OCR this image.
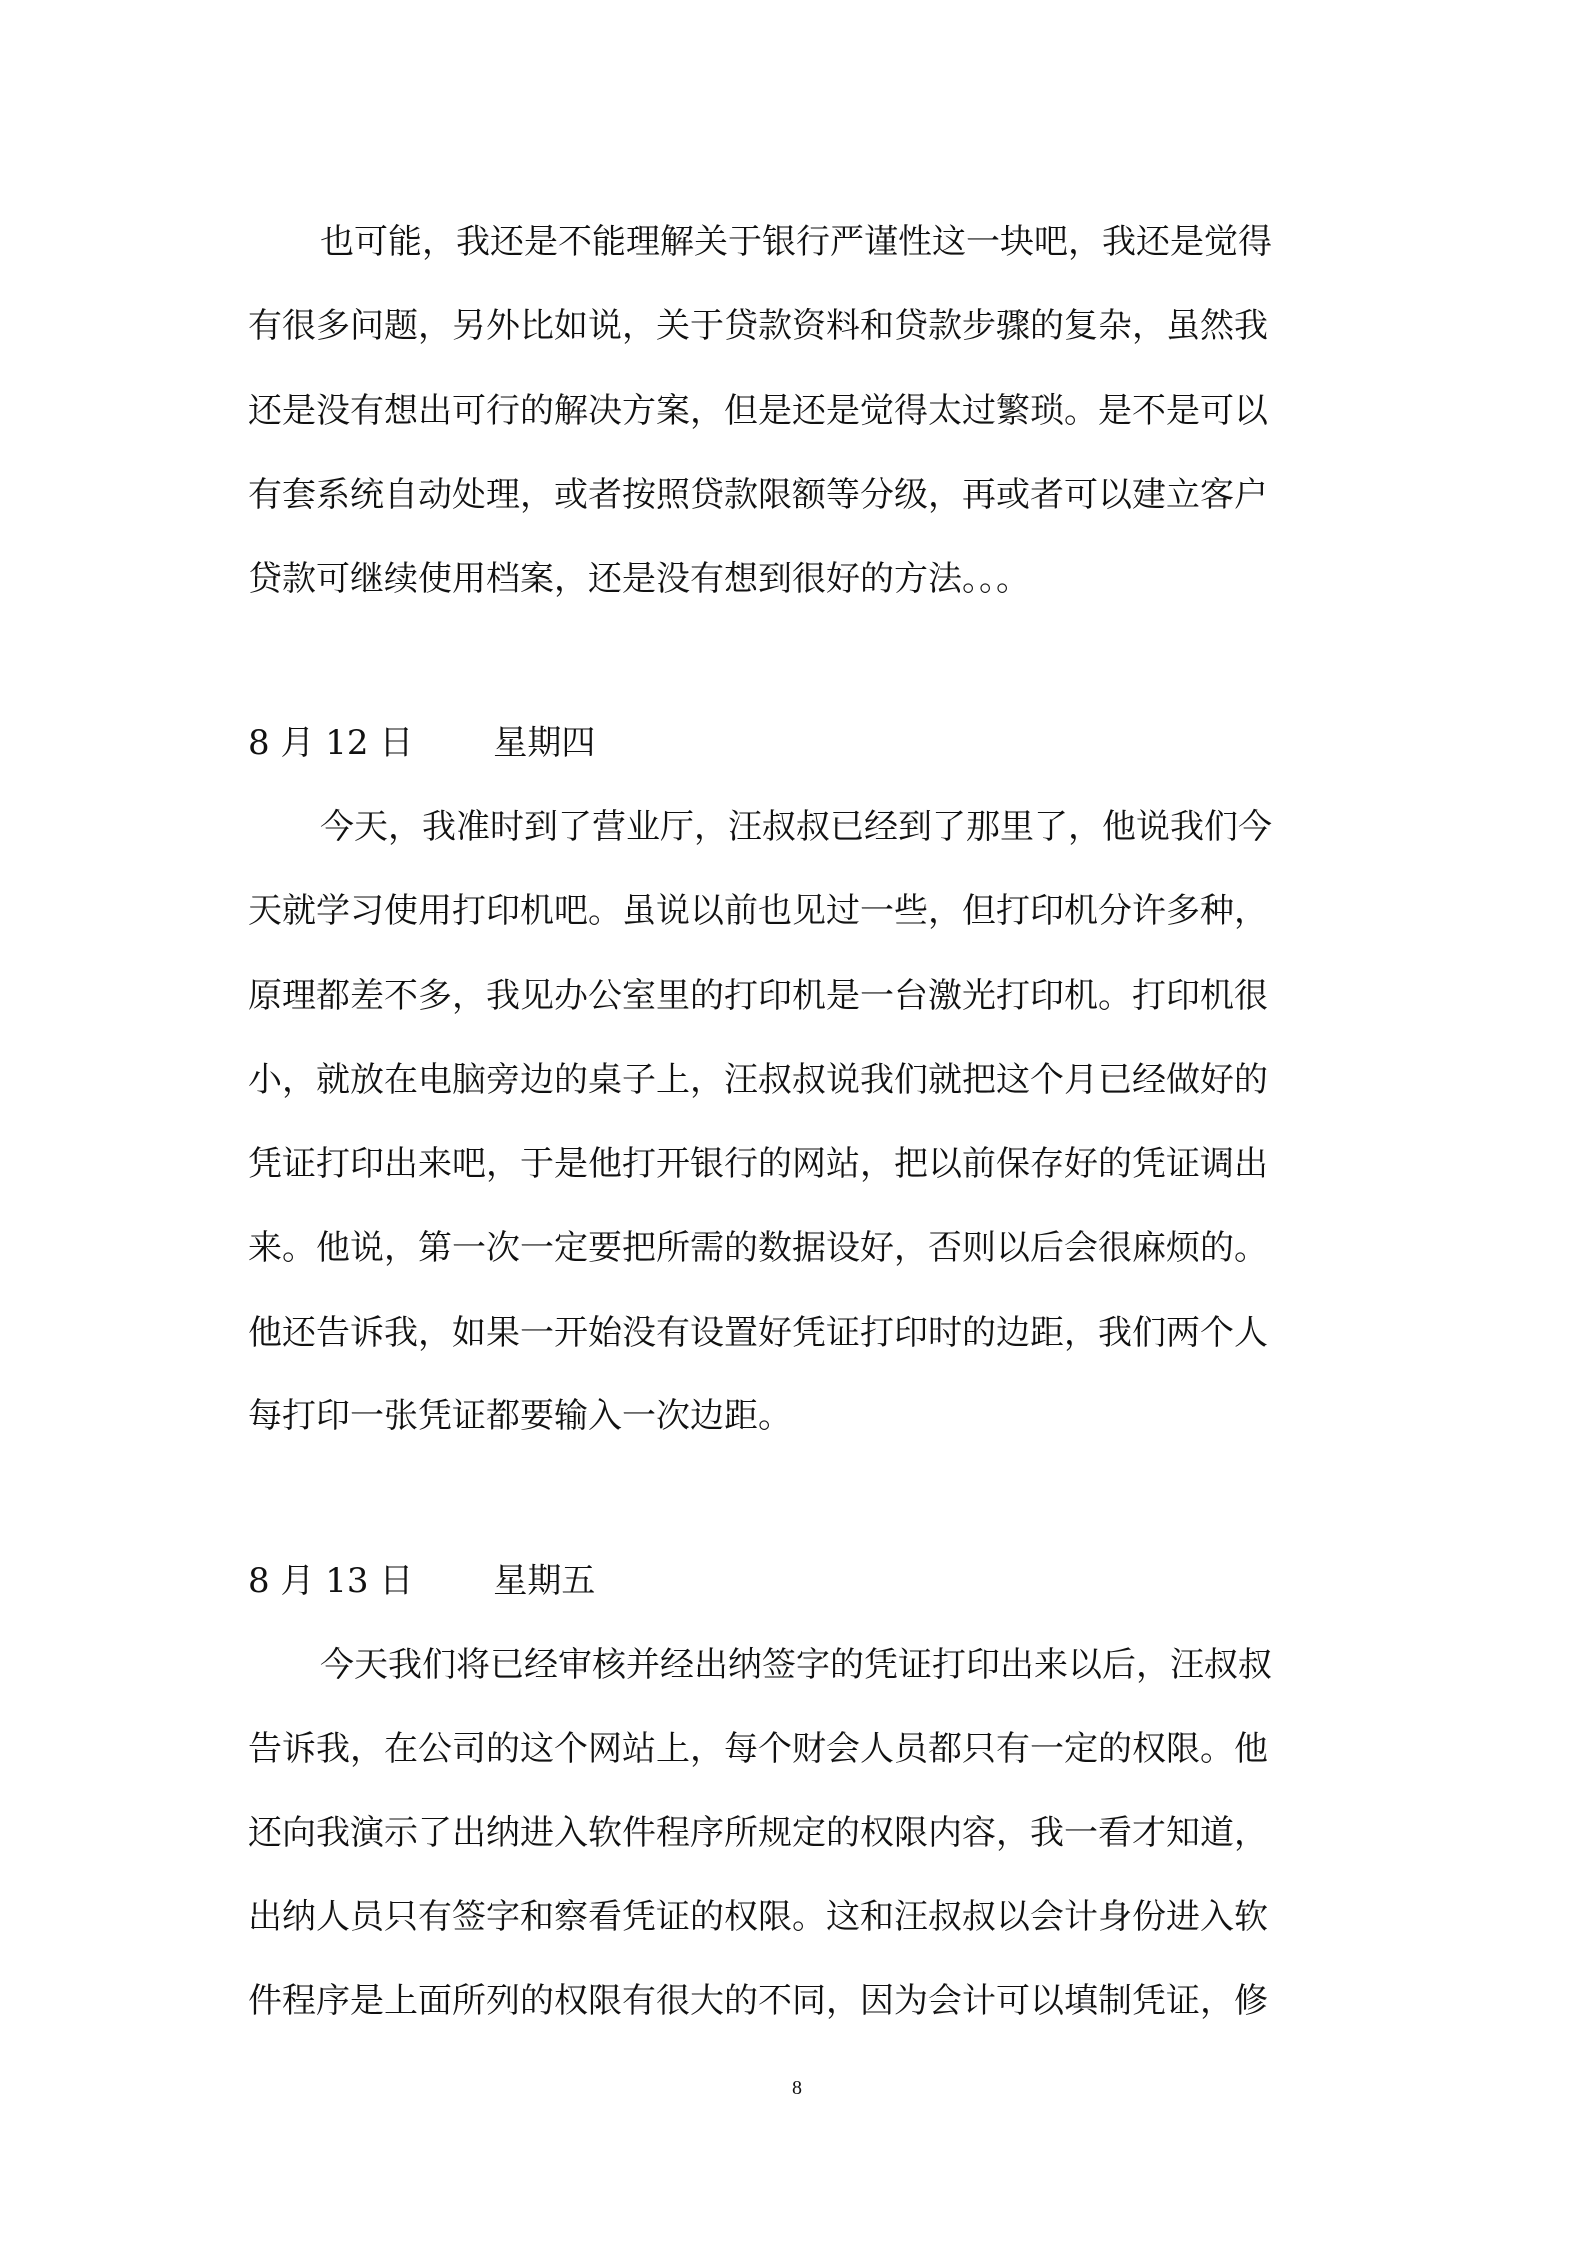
也可能，我还是不能理解关于银行严谨性这一块吧，我还是觉得
有很多问题，另外比如说，关于贷款资料和贷款步骤的复杂，虽然我
还是没有想出可行的解决方案，但是还是觉得太过繁琐。是不是可以
有套系统自动处理，或者按照贷款限额等分级，再或者可以建立客户
贷款可继续使用档案，还是没有想到很好的方法。。。
8 月 12 日 星期四
今天，我准时到了营业厅，汪叔叔已经到了那里了，他说我们今
天就学习使用打印机吧。虽说以前也见过一些，但打印机分许多种，
原理都差不多，我见办公室里的打印机是一台激光打印机。打印机很
小，就放在电脑旁边的桌子上，汪叔叔说我们就把这个月已经做好的
凭证打印出来吧，于是他打开银行的网站，把以前保存好的凭证调出
来。他说，第一次一定要把所需的数据设好，否则以后会很麻烦的。
他还告诉我，如果一开始没有设置好凭证打印时的边距，我们两个人
每打印一张凭证都要输入一次边距。
8 月 13 日 星期五
今天我们将已经审核并经出纳签字的凭证打印出来以后，汪叔叔
告诉我，在公司的这个网站上，每个财会人员都只有一定的权限。他
还向我演示了出纳进入软件程序所规定的权限内容，我一看才知道，
出纳人员只有签字和察看凭证的权限。这和汪叔叔以会计身份进入软
件程序是上面所列的权限有很大的不同，因为会计可以填制凭证，修
8
